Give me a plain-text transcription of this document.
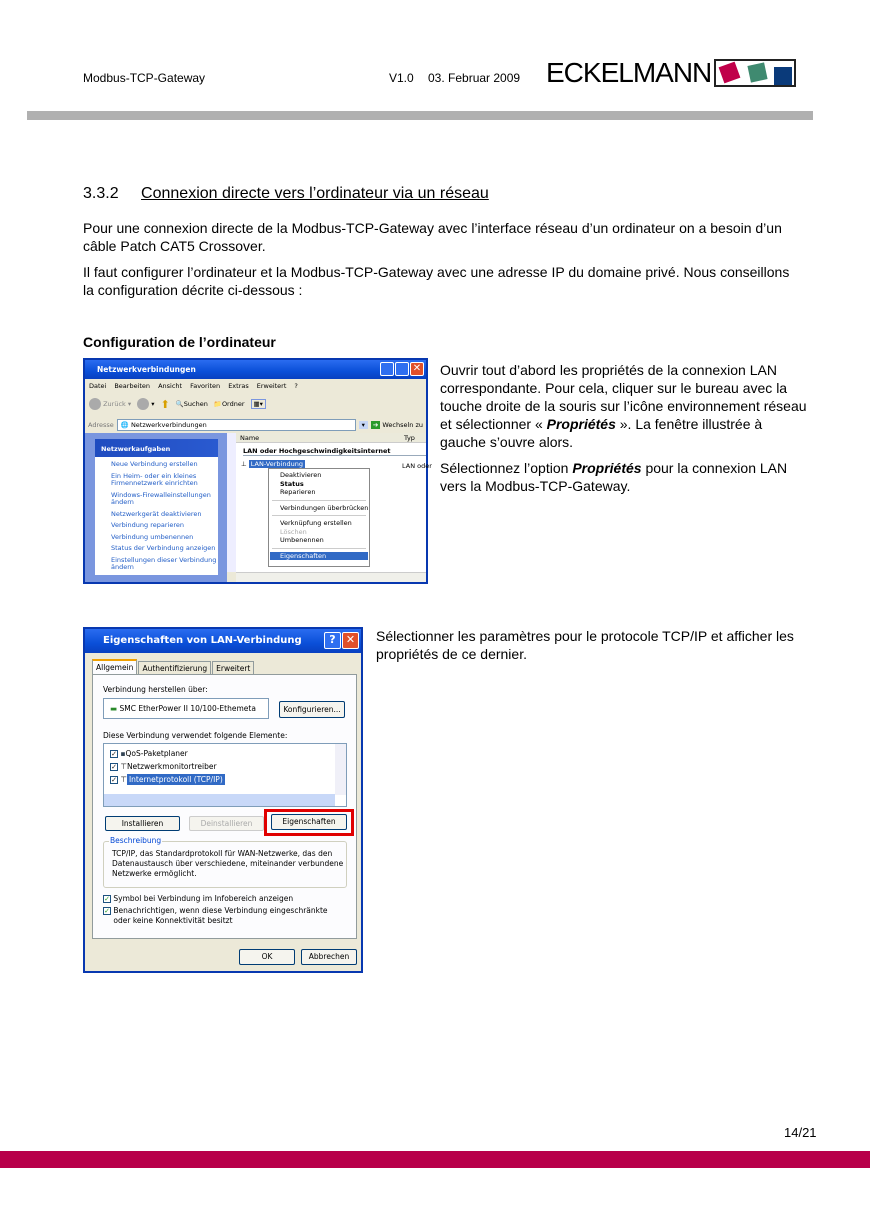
Modbus-TCP-Gateway	V1.0 03. Februar 2009 ECKELMANN
3.3.2 Connexion directe vers l’ordinateur via un réseau
Pour une connexion directe de la Modbus-TCP-Gateway avec l’interface réseau d’un ordinateur on a besoin d’un câble Patch CAT5 Crossover.
Il faut configurer l’ordinateur et la Modbus-TCP-Gateway avec une adresse IP du domaine privé. Nous conseillons la configuration décrite ci-dessous :
Configuration de l’ordinateur

Ouvrir tout d’abord les propriétés de la connexion LAN correspondante. Pour cela, cliquer sur le bureau avec la touche droite de la souris sur l’icône environnement réseau et sélectionner « Propriétés ». La fenêtre illustrée à gauche s’ouvre alors.

Sélectionnez l’option Propriétés pour la connexion LAN vers la Modbus-TCP-Gateway.

Sélectionner les paramètres pour le protocole TCP/IP et afficher les propriétés de ce dernier.
Netzwerkverbindungen	✕
Datei Bearbeiten Ansicht Favoriten Extras Erweitert ?
Zurück ▾	▾ ⬆ 🔍Suchen 📁Ordner	▦▾
Adresse	🌐 Netzwerkverbindungen	▾	➔ Wechseln zu
Netzwerkaufgaben
Neue Verbindung erstellen
Ein Heim- oder ein kleines Firmennetzwerk einrichten
Windows-Firewalleinstellungen ändern
Netzwerkgerät deaktivieren
Verbindung reparieren
Verbindung umbenennen
Status der Verbindung anzeigen
Einstellungen dieser Verbindung ändern
Name	Typ
LAN oder Hochgeschwindigkeitsinternet
⊥ LAN-Verbindung	LAN oder
Deaktivieren
Status
Reparieren
Verbindungen überbrücken
Verknüpfung erstellen
Löschen
Umbenennen
Eigenschaften
Eigenschaften von LAN-Verbindung	? ✕
Allgemein	Authentifizierung	Erweitert
Verbindung herstellen über:
▬ SMC EtherPower II 10/100-Ethemeta	Konfigurieren...
Diese Verbindung verwendet folgende Elemente:
✓ ▪QoS-Paketplaner
✓ ⊤Netzwerkmonitortreiber
✓ ⊤ Internetprotokoll (TCP/IP)
Installieren	Deinstallieren	Eigenschaften
Beschreibung
TCP/IP, das Standardprotokoll für WAN-Netzwerke, das den Datenaustausch über verschiedene, miteinander verbundene Netzwerke ermöglicht.
✓ Symbol bei Verbindung im Infobereich anzeigen
✓ Benachrichtigen, wenn diese Verbindung eingeschränkte oder keine Konnektivität besitzt
OK	Abbrechen
14/21
